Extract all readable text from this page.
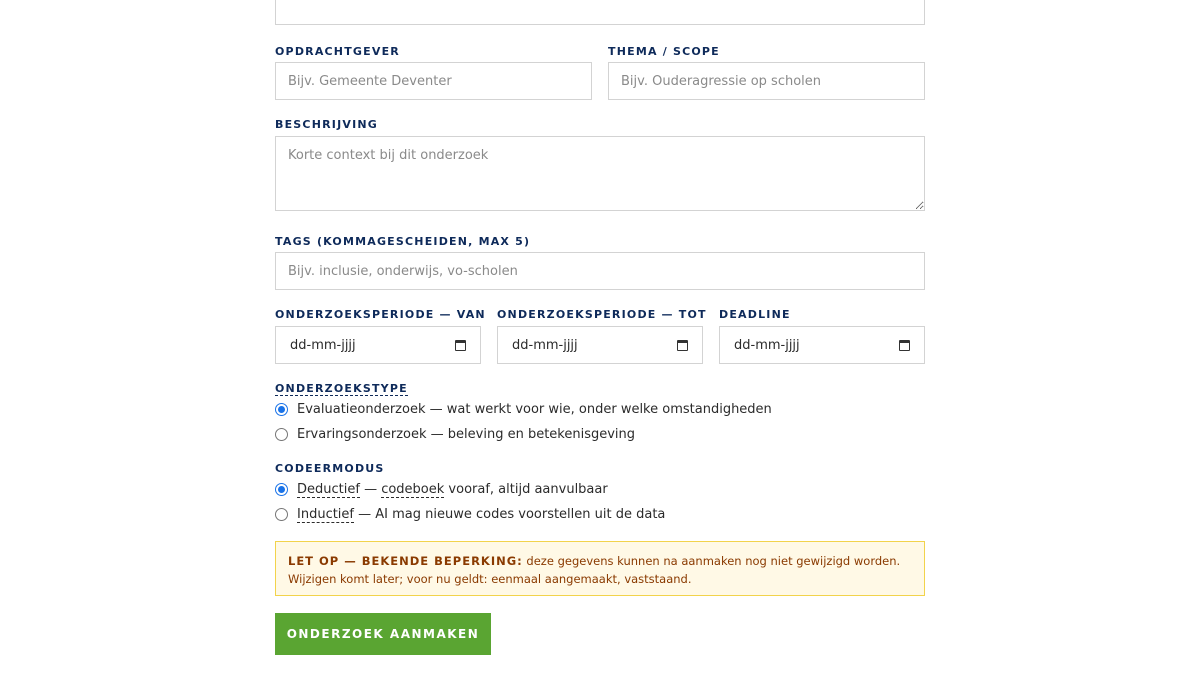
OPDRACHTGEVER
Bijv. Gemeente Deventer	THEMA / SCOPE
Bijv. Ouderagressie op scholen
BESCHRIJVING
Korte context bij dit onderzoek
TAGS (KOMMAGESCHEIDEN, MAX 5)
Bijv. inclusie, onderwijs, vo-scholen
ONDERZOEKSPERIODE — VAN
dd-mm-jjjj
ONDERZOEKSPERIODE — TOT
dd-mm-jjjj
DEADLINE
dd-mm-jjjj
ONDERZOEKSTYPE
Evaluatieonderzoek — wat werkt voor wie, onder welke omstandigheden
Ervaringsonderzoek — beleving en betekenisgeving
CODEERMODUS
Deductief — codeboek vooraf, altijd aanvulbaar
Inductief — AI mag nieuwe codes voorstellen uit de data
LET OP — BEKENDE BEPERKING: deze gegevens kunnen na aanmaken nog niet gewijzigd worden. Wijzigen komt later; voor nu geldt: eenmaal aangemaakt, vaststaand.
ONDERZOEK AANMAKEN
